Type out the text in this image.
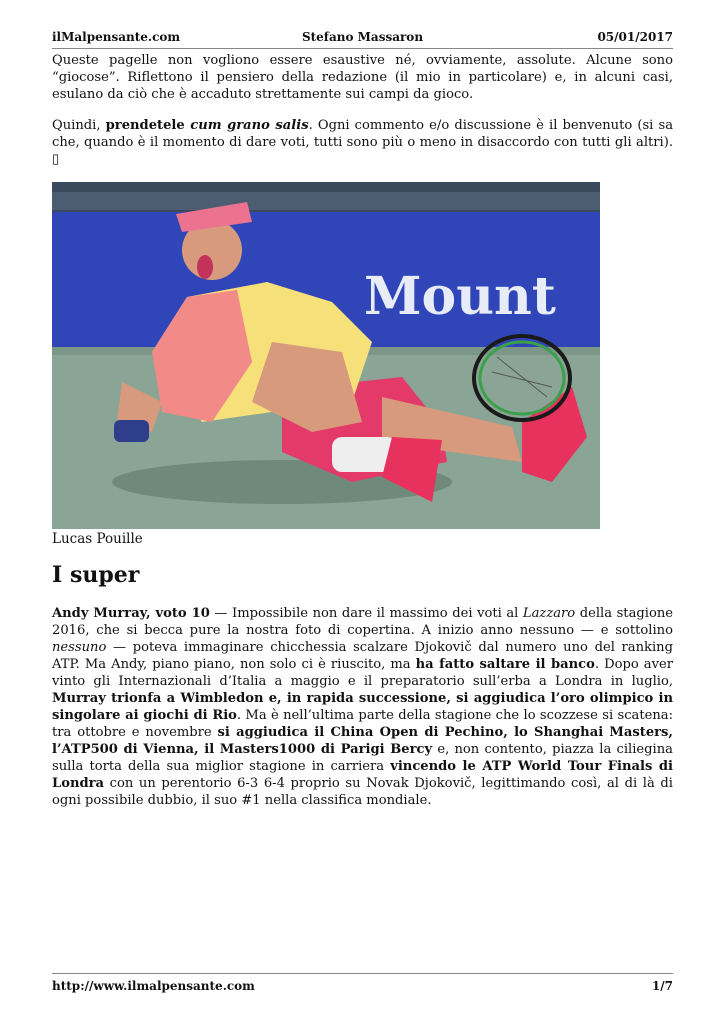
ilMalpensante.com	Stefano Massaron	05/01/2017

Queste pagelle non vogliono essere esaustive né, ovviamente, assolute. Alcune sono “giocose”. Riflettono il pensiero della redazione (il mio in particolare) e, in alcuni casi, esulano da ciò che è accaduto strettamente sui campi da gioco.

Quindi, prendetele cum grano salis. Ogni commento e/o discussione è il benvenuto (si sa che, quando è il momento di dare voti, tutti sono più o meno in disaccordo con tutti gli altri). ▯

Mount

Lucas Pouille

I super

Andy Murray, voto 10 — Impossibile non dare il massimo dei voti al Lazzaro della stagione 2016, che si becca pure la nostra foto di copertina. A inizio anno nessuno — e sottolino nessuno — poteva immaginare chicchessia scalzare Djokovič dal numero uno del ranking ATP. Ma Andy, piano piano, non solo ci è riuscito, ma ha fatto saltare il banco. Dopo aver vinto gli Internazionali d’Italia a maggio e il preparatorio sull’erba a Londra in luglio, Murray trionfa a Wimbledon e, in rapida successione, si aggiudica l’oro olimpico in singolare ai giochi di Rio. Ma è nell’ultima parte della stagione che lo scozzese si scatena: tra ottobre e novembre si aggiudica il China Open di Pechino, lo Shanghai Masters, l’ATP500 di Vienna, il Masters1000 di Parigi Bercy e, non contento, piazza la ciliegina sulla torta della sua miglior stagione in carriera vincendo le ATP World Tour Finals di Londra con un perentorio 6-3 6-4 proprio su Novak Djokovič, legittimando così, al di là di ogni possibile dubbio, il suo #1 nella classifica mondiale.

http://www.ilmalpensante.com	1/7
